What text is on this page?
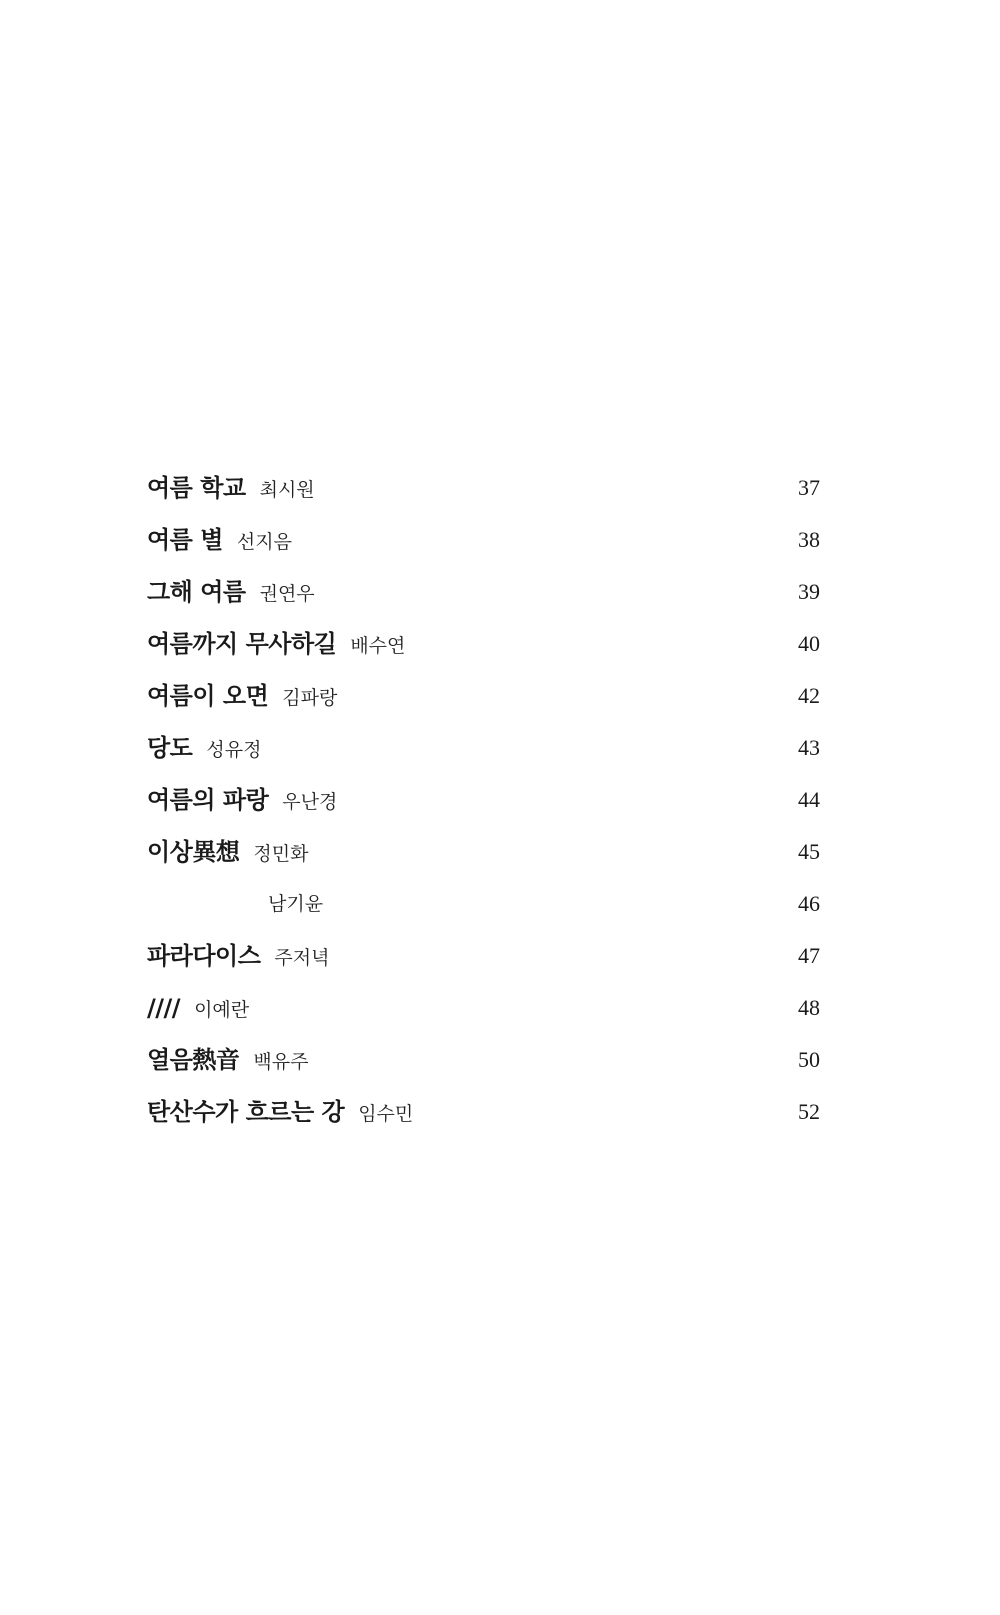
여름 학교 최시원	37
여름 별 선지음	38
그해 여름 권연우	39
여름까지 무사하길 배수연	40
여름이 오면 김파랑	42
당도 성유정	43
여름의 파랑 우난경	44
이상異想 정민화	45
남기윤	46
파라다이스 주저녁	47
//// 이예란	48
열음熱音 백유주	50
탄산수가 흐르는 강 임수민	52
